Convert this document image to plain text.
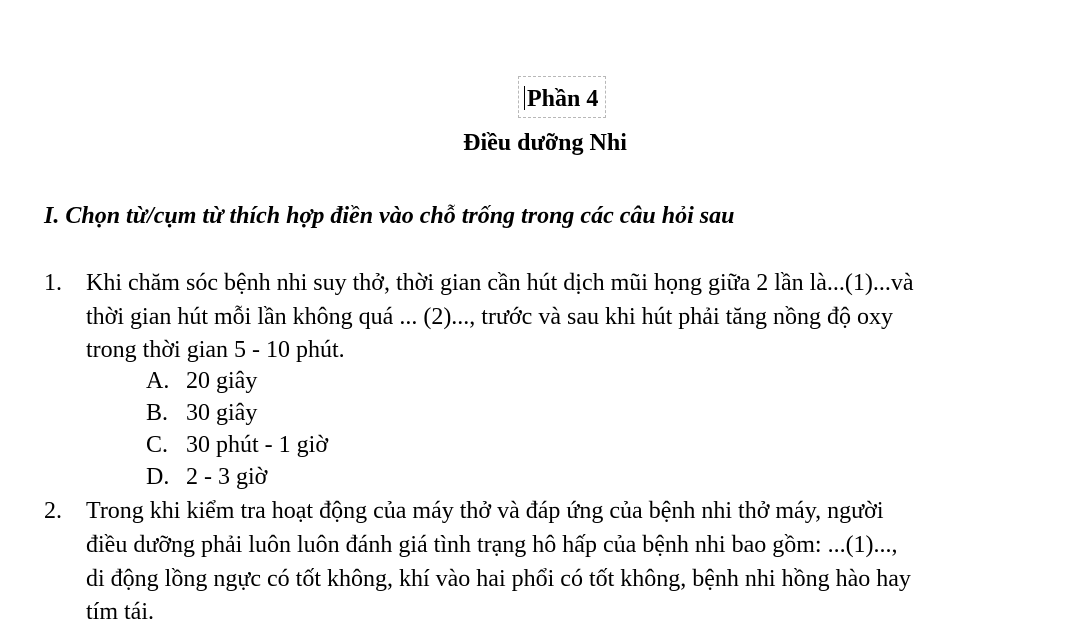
Phần 4
Điều dưỡng Nhi
I. Chọn từ/cụm từ thích hợp điền vào chỗ trống trong các câu hỏi sau
1. Khi chăm sóc bệnh nhi suy thở, thời gian cần hút dịch mũi họng giữa 2 lần là...(1)...và
thời gian hút mỗi lần không quá ... (2)..., trước và sau khi hút phải tăng nồng độ oxy
trong thời gian 5 - 10 phút.
A. 20 giây
B. 30 giây
C. 30 phút - 1 giờ
D. 2 - 3 giờ
2. Trong khi kiểm tra hoạt động của máy thở và đáp ứng của bệnh nhi thở máy, người
điều dưỡng phải luôn luôn đánh giá tình trạng hô hấp của bệnh nhi bao gồm: ...(1)...,
di động lồng ngực có tốt không, khí vào hai phổi có tốt không, bệnh nhi hồng hào hay
tím tái.
